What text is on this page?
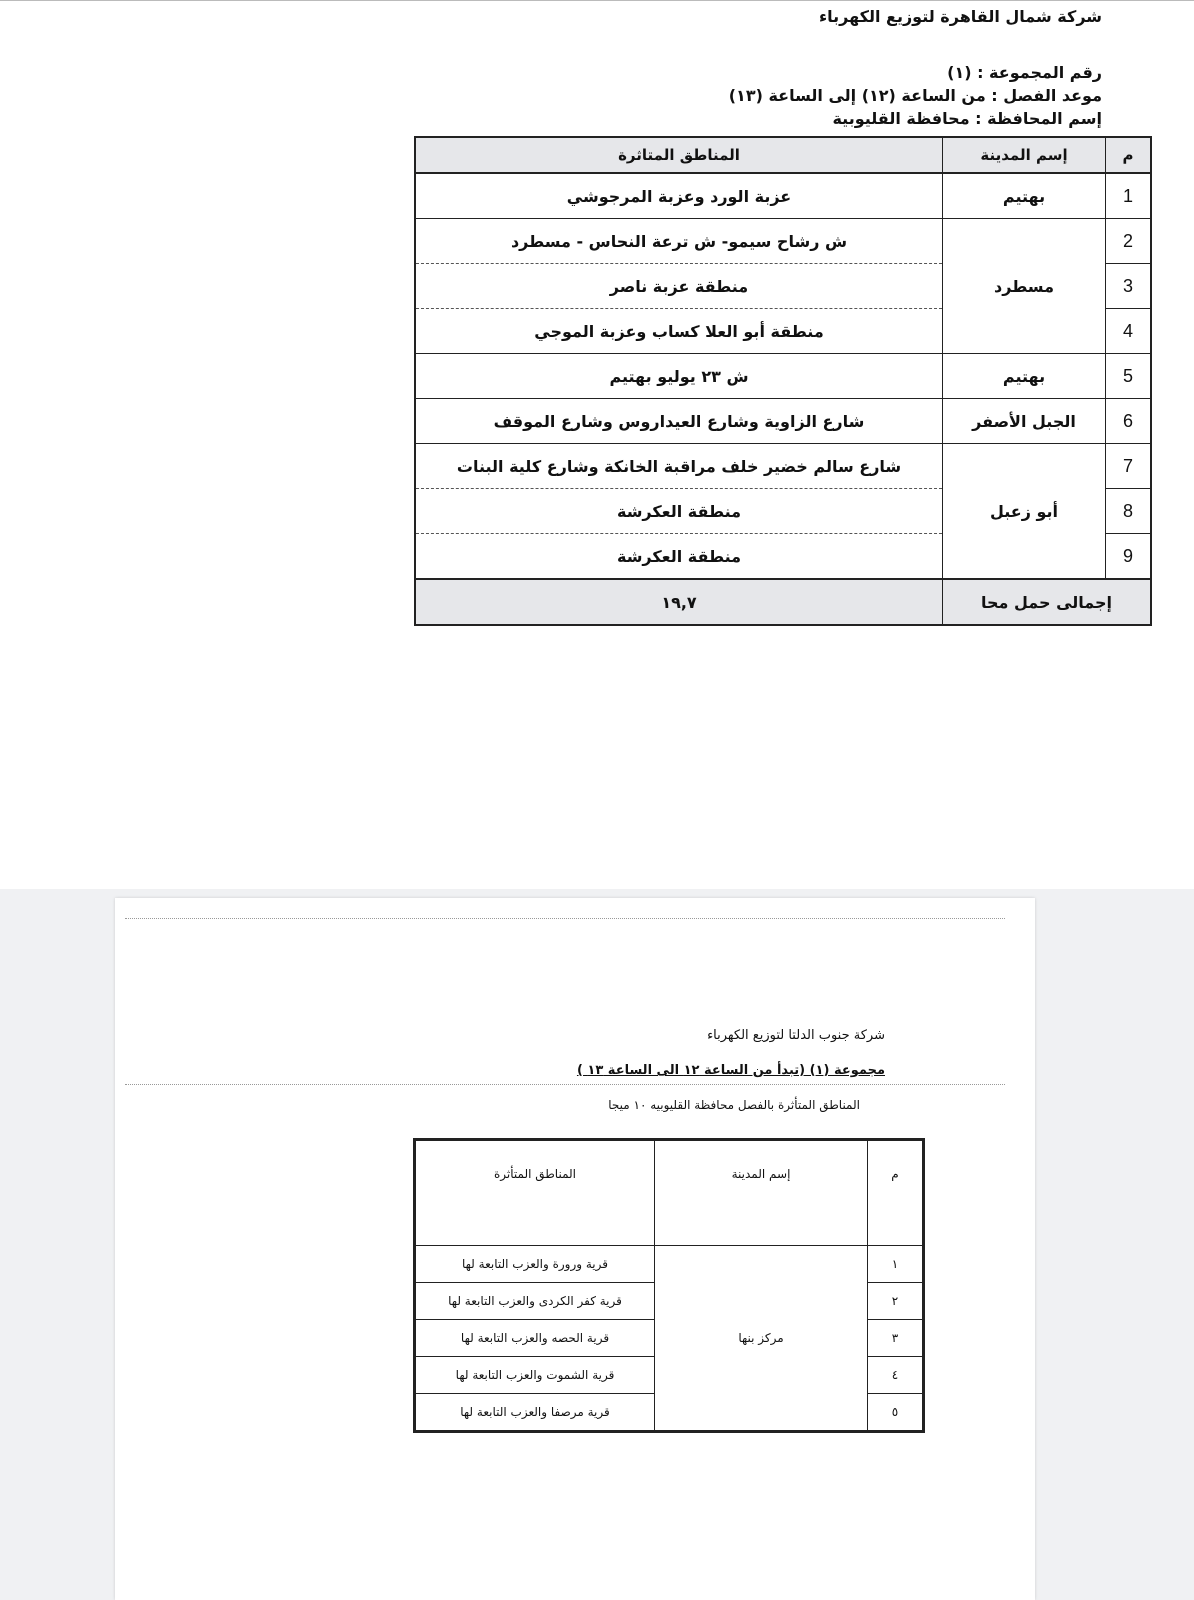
شركة شمال القاهرة لتوزيع الكهرباء
رقم المجموعة : (١)
موعد الفصل : من الساعة (١٢) إلى الساعة (١٣)
إسم المحافظة : محافظة القليوبية
م	إسم المدينة	المناطق المتاثرة
1	بهتيم	عزبة الورد وعزبة المرجوشي
2	مسطرد	ش رشاح سيمو- ش ترعة النحاس - مسطرد
3		منطقة عزبة ناصر
4		منطقة أبو العلا كساب وعزبة الموجي
5	بهتيم	ش ٢٣ يوليو بهتيم
6	الجبل الأصفر	شارع الزاوية وشارع العيداروس وشارع الموقف
7	أبو زعبل	شارع سالم خضير خلف مراقبة الخانكة وشارع كلية البنات
8		منطقة العكرشة
9		منطقة العكرشة
إجمالى حمل محا		١٩,٧
شركة جنوب الدلتا لتوزيع الكهرباء
مجموعة (١) (تبدأ من الساعة ١٢ الى الساعة ١٣ )
المناطق المتأثرة بالفصل محافظة القليوبيه ١٠ ميجا
م	إسم المدينة	المناطق المتأثرة
١	مركز بنها	قرية ورورة والعزب التابعة لها
٢		قرية كفر الكردى والعزب التابعة لها
٣		قرية الحصه والعزب التابعة لها
٤		قرية الشموت والعزب التابعة لها
٥		قرية مرصفا والعزب التابعة لها
